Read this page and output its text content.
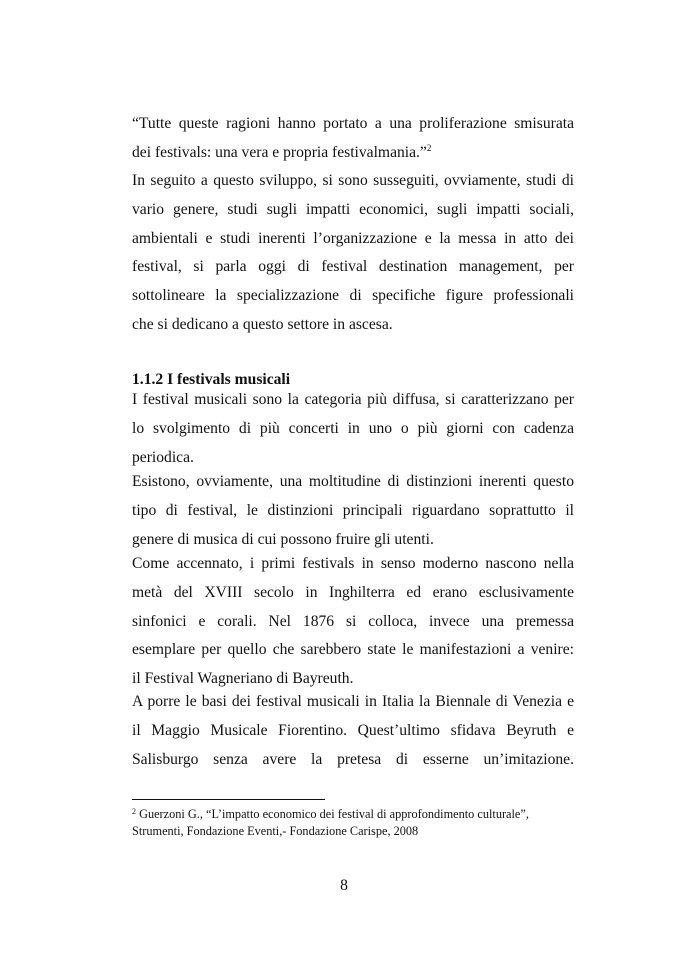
“Tutte queste ragioni hanno portato a una proliferazione smisurata
dei festivals: una vera e propria festivalmania.”$^2$
In seguito a questo sviluppo, si sono susseguiti, ovviamente, studi di
vario genere, studi sugli impatti economici, sugli impatti sociali,
ambientali e studi inerenti l’organizzazione e la messa in atto dei
festival, si parla oggi di festival destination management, per
sottolineare la specializzazione di specifiche figure professionali
che si dedicano a questo settore in ascesa.
1.1.2 I festivals musicali
I festival musicali sono la categoria più diffusa, si caratterizzano per
lo svolgimento di più concerti in uno o più giorni con cadenza
periodica.
Esistono, ovviamente, una moltitudine di distinzioni inerenti questo
tipo di festival, le distinzioni principali riguardano soprattutto il
genere di musica di cui possono fruire gli utenti.
Come accennato, i primi festivals in senso moderno nascono nella
metà del XVIII secolo in Inghilterra ed erano esclusivamente
sinfonici e corali. Nel 1876 si colloca, invece una premessa
esemplare per quello che sarebbero state le manifestazioni a venire:
il Festival Wagneriano di Bayreuth.
A porre le basi dei festival musicali in Italia la Biennale di Venezia e
il Maggio Musicale Fiorentino. Quest’ultimo sfidava Beyruth e
Salisburgo senza avere la pretesa di esserne un’imitazione.
$^2$ Guerzoni G., “L’impatto economico dei festival di approfondimento culturale”,
Strumenti, Fondazione Eventi,- Fondazione Carispe, 2008
8
